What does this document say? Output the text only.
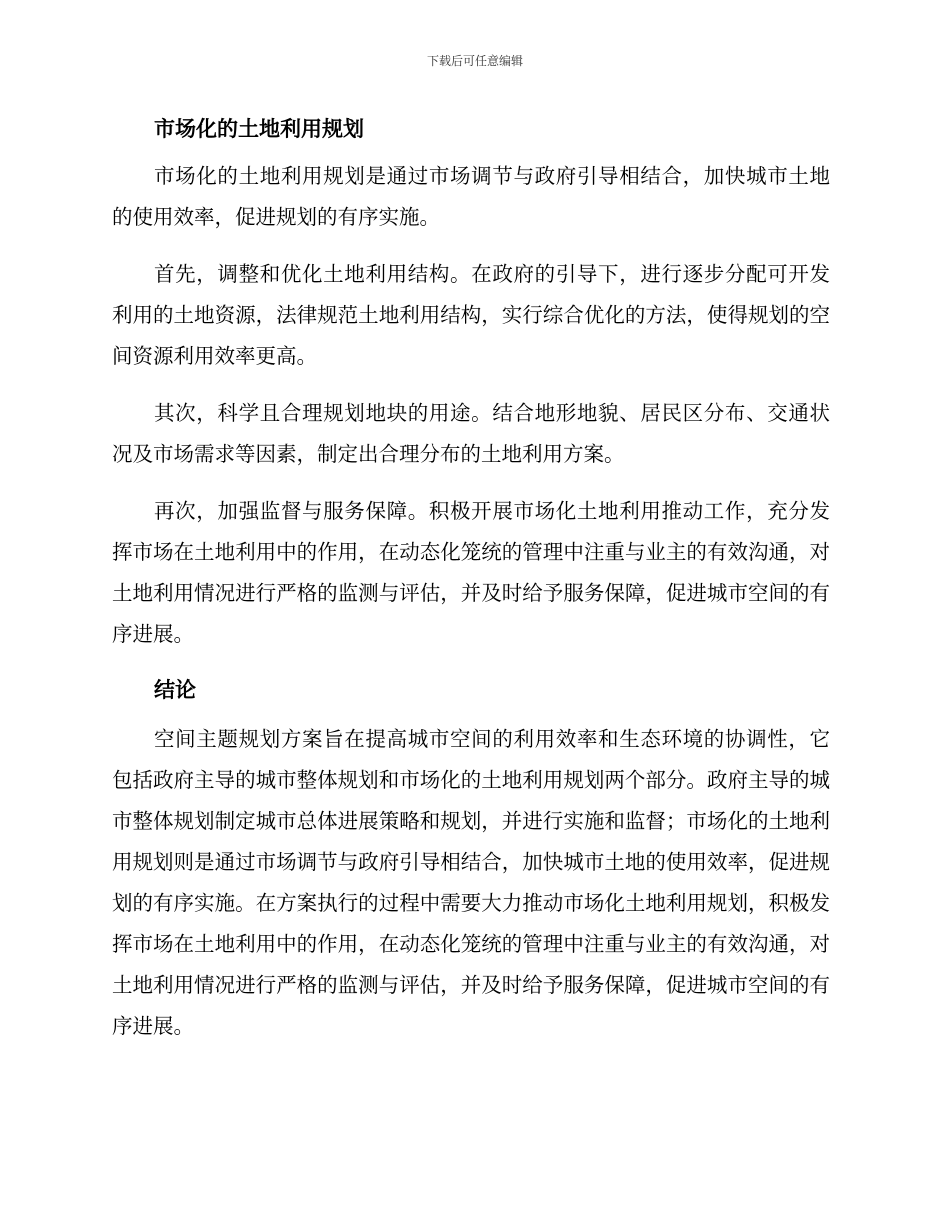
下载后可任意编辑
市场化的土地利用规划

市场化的土地利用规划是通过市场调节与政府引导相结合，加快城市土地的使用效率，促进规划的有序实施。

首先，调整和优化土地利用结构。在政府的引导下，进行逐步分配可开发利用的土地资源，法律规范土地利用结构，实行综合优化的方法，使得规划的空间资源利用效率更高。

其次，科学且合理规划地块的用途。结合地形地貌、居民区分布、交通状况及市场需求等因素，制定出合理分布的土地利用方案。

再次，加强监督与服务保障。积极开展市场化土地利用推动工作，充分发挥市场在土地利用中的作用，在动态化笼统的管理中注重与业主的有效沟通，对土地利用情况进行严格的监测与评估，并及时给予服务保障，促进城市空间的有序进展。

结论

空间主题规划方案旨在提高城市空间的利用效率和生态环境的协调性，它包括政府主导的城市整体规划和市场化的土地利用规划两个部分。政府主导的城市整体规划制定城市总体进展策略和规划，并进行实施和监督；市场化的土地利用规划则是通过市场调节与政府引导相结合，加快城市土地的使用效率，促进规划的有序实施。在方案执行的过程中需要大力推动市场化土地利用规划，积极发挥市场在土地利用中的作用，在动态化笼统的管理中注重与业主的有效沟通，对土地利用情况进行严格的监测与评估，并及时给予服务保障，促进城市空间的有序进展。
